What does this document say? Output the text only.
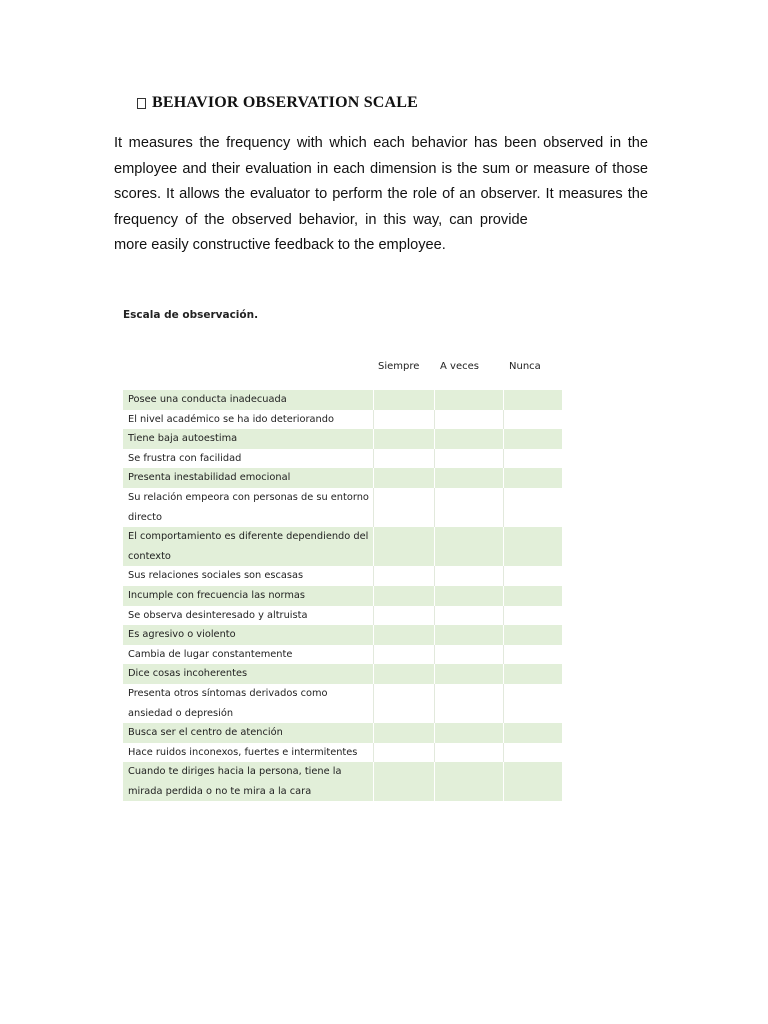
BEHAVIOR OBSERVATION SCALE
It measures the frequency with which each behavior has been observed in the
employee and their evaluation in each dimension is the sum or measure of those
scores. It allows the evaluator to perform the role of an observer. It measures the
frequency of the observed behavior, in this way, can provide
more easily constructive feedback to the employee.
Escala de observación.
Siempre A veces	Nunca
Posee una conducta inadecuada			
El nivel académico se ha ido deteriorando			
Tiene baja autoestima			
Se frustra con facilidad			
Presenta inestabilidad emocional			
Su relación empeora con personas de su entorno directo			
El comportamiento es diferente dependiendo del contexto			
Sus relaciones sociales son escasas			
Incumple con frecuencia las normas			
Se observa desinteresado y altruista			
Es agresivo o violento			
Cambia de lugar constantemente			
Dice cosas incoherentes			
Presenta otros síntomas derivados como ansiedad o depresión			
Busca ser el centro de atención			
Hace ruidos inconexos, fuertes e intermitentes			
Cuando te diriges hacia la persona, tiene la mirada perdida o no te mira a la cara			
